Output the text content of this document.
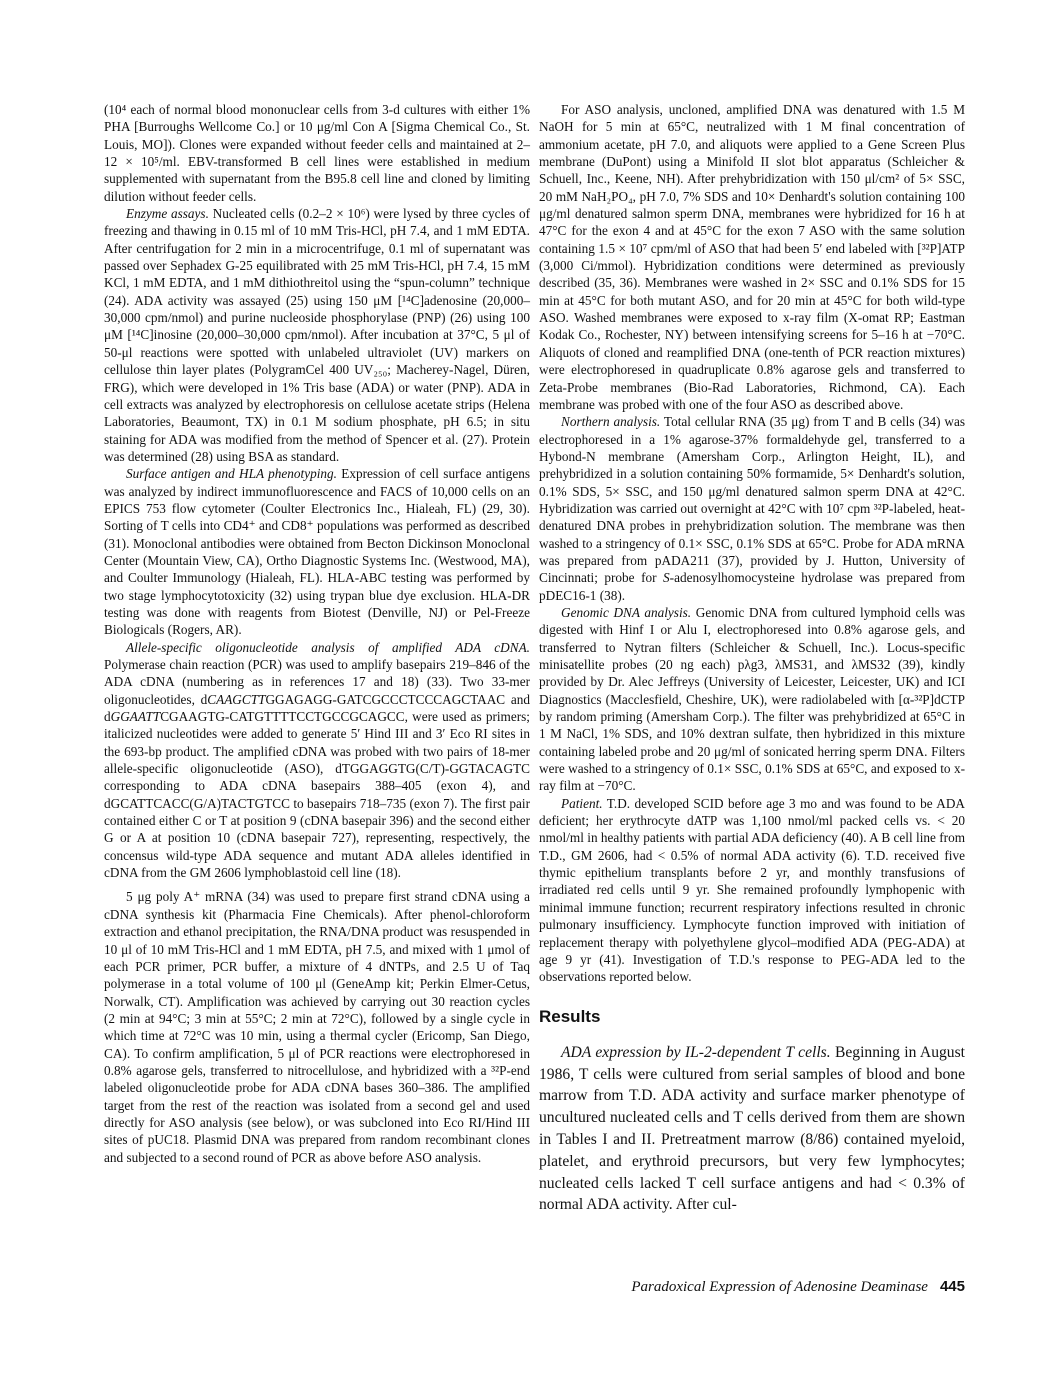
(10⁴ each of normal blood mononuclear cells from 3-d cultures with either 1% PHA [Burroughs Wellcome Co.] or 10 μg/ml Con A [Sigma Chemical Co., St. Louis, MO]). Clones were expanded without feeder cells and maintained at 2–12 × 10⁵/ml. EBV-transformed B cell lines were established in medium supplemented with supernatant from the B95.8 cell line and cloned by limiting dilution without feeder cells.

Enzyme assays. Nucleated cells (0.2–2 × 10⁶) were lysed by three cycles of freezing and thawing in 0.15 ml of 10 mM Tris-HCl, pH 7.4, and 1 mM EDTA. After centrifugation for 2 min in a microcentrifuge, 0.1 ml of supernatant was passed over Sephadex G-25 equilibrated with 25 mM Tris-HCl, pH 7.4, 15 mM KCl, 1 mM EDTA, and 1 mM dithiothreitol using the “spun-column” technique (24). ADA activity was assayed (25) using 150 μM [¹⁴C]adenosine (20,000–30,000 cpm/nmol) and purine nucleoside phosphorylase (PNP) (26) using 100 μM [¹⁴C]inosine (20,000–30,000 cpm/nmol). After incubation at 37°C, 5 μl of 50-μl reactions were spotted with unlabeled ultraviolet (UV) markers on cellulose thin layer plates (PolygramCel 400 UV₂₅₀; Macherey-Nagel, Düren, FRG), which were developed in 1% Tris base (ADA) or water (PNP). ADA in cell extracts was analyzed by electrophoresis on cellulose acetate strips (Helena Laboratories, Beaumont, TX) in 0.1 M sodium phosphate, pH 6.5; in situ staining for ADA was modified from the method of Spencer et al. (27). Protein was determined (28) using BSA as standard.

Surface antigen and HLA phenotyping. Expression of cell surface antigens was analyzed by indirect immunofluorescence and FACS of 10,000 cells on an EPICS 753 flow cytometer (Coulter Electronics Inc., Hialeah, FL) (29, 30). Sorting of T cells into CD4⁺ and CD8⁺ populations was performed as described (31). Monoclonal antibodies were obtained from Becton Dickinson Monoclonal Center (Mountain View, CA), Ortho Diagnostic Systems Inc. (Westwood, MA), and Coulter Immunology (Hialeah, FL). HLA-ABC testing was performed by two stage lymphocytotoxicity (32) using trypan blue dye exclusion. HLA-DR testing was done with reagents from Biotest (Denville, NJ) or Pel-Freeze Biologicals (Rogers, AR).

Allele-specific oligonucleotide analysis of amplified ADA cDNA. Polymerase chain reaction (PCR) was used to amplify basepairs 219–846 of the ADA cDNA (numbering as in references 17 and 18) (33). Two 33-mer oligonucleotides, dCAAGCTTGGAGAGG-GATCGCCCTCCCAGCTAAC and dGGAATTCGAAGTG-CATGTTTTCCTGCCGCAGCC, were used as primers; italicized nucleotides were added to generate 5′ Hind III and 3′ Eco RI sites in the 693-bp product. The amplified cDNA was probed with two pairs of 18-mer allele-specific oligonucleotide (ASO), dTGGAGGTG(C/T)-GGTACAGTC corresponding to ADA cDNA basepairs 388–405 (exon 4), and dGCATTCACC(G/A)TACTGTCC to basepairs 718–735 (exon 7). The first pair contained either C or T at position 9 (cDNA basepair 396) and the second either G or A at position 10 (cDNA basepair 727), representing, respectively, the concensus wild-type ADA sequence and mutant ADA alleles identified in cDNA from the GM 2606 lymphoblastoid cell line (18).

5 μg poly A⁺ mRNA (34) was used to prepare first strand cDNA using a cDNA synthesis kit (Pharmacia Fine Chemicals). After phenol-chloroform extraction and ethanol precipitation, the RNA/DNA product was resuspended in 10 μl of 10 mM Tris-HCl and 1 mM EDTA, pH 7.5, and mixed with 1 μmol of each PCR primer, PCR buffer, a mixture of 4 dNTPs, and 2.5 U of Taq polymerase in a total volume of 100 μl (GeneAmp kit; Perkin Elmer-Cetus, Norwalk, CT). Amplification was achieved by carrying out 30 reaction cycles (2 min at 94°C; 3 min at 55°C; 2 min at 72°C), followed by a single cycle in which time at 72°C was 10 min, using a thermal cycler (Ericomp, San Diego, CA). To confirm amplification, 5 μl of PCR reactions were electrophoresed in 0.8% agarose gels, transferred to nitrocellulose, and hybridized with a ³²P-end labeled oligonucleotide probe for ADA cDNA bases 360–386. The amplified target from the rest of the reaction was isolated from a second gel and used directly for ASO analysis (see below), or was subcloned into Eco RI/Hind III sites of pUC18. Plasmid DNA was prepared from random recombinant clones and subjected to a second round of PCR as above before ASO analysis.

For ASO analysis, uncloned, amplified DNA was denatured with 1.5 M NaOH for 5 min at 65°C, neutralized with 1 M final concentration of ammonium acetate, pH 7.0, and aliquots were applied to a Gene Screen Plus membrane (DuPont) using a Minifold II slot blot apparatus (Schleicher & Schuell, Inc., Keene, NH). After prehybridization with 150 μl/cm² of 5× SSC, 20 mM NaH₂PO₄, pH 7.0, 7% SDS and 10× Denhardt's solution containing 100 μg/ml denatured salmon sperm DNA, membranes were hybridized for 16 h at 47°C for the exon 4 and at 45°C for the exon 7 ASO with the same solution containing 1.5 × 10⁷ cpm/ml of ASO that had been 5′ end labeled with [³²P]ATP (3,000 Ci/mmol). Hybridization conditions were determined as previously described (35, 36). Membranes were washed in 2× SSC and 0.1% SDS for 15 min at 45°C for both mutant ASO, and for 20 min at 45°C for both wild-type ASO. Washed membranes were exposed to x-ray film (X-omat RP; Eastman Kodak Co., Rochester, NY) between intensifying screens for 5–16 h at −70°C. Aliquots of cloned and reamplified DNA (one-tenth of PCR reaction mixtures) were electrophoresed in quadruplicate 0.8% agarose gels and transferred to Zeta-Probe membranes (Bio-Rad Laboratories, Richmond, CA). Each membrane was probed with one of the four ASO as described above.

Northern analysis. Total cellular RNA (35 μg) from T and B cells (34) was electrophoresed in a 1% agarose-37% formaldehyde gel, transferred to a Hybond-N membrane (Amersham Corp., Arlington Height, IL), and prehybridized in a solution containing 50% formamide, 5× Denhardt's solution, 0.1% SDS, 5× SSC, and 150 μg/ml denatured salmon sperm DNA at 42°C. Hybridization was carried out overnight at 42°C with 10⁷ cpm ³²P-labeled, heat-denatured DNA probes in prehybridization solution. The membrane was then washed to a stringency of 0.1× SSC, 0.1% SDS at 65°C. Probe for ADA mRNA was prepared from pADA211 (37), provided by J. Hutton, University of Cincinnati; probe for S-adenosylhomocysteine hydrolase was prepared from pDEC16-1 (38).

Genomic DNA analysis. Genomic DNA from cultured lymphoid cells was digested with Hinf I or Alu I, electrophoresed into 0.8% agarose gels, and transferred to Nytran filters (Schleicher & Schuell, Inc.). Locus-specific minisatellite probes (20 ng each) pλg3, λMS31, and λMS32 (39), kindly provided by Dr. Alec Jeffreys (University of Leicester, Leicester, UK) and ICI Diagnostics (Macclesfield, Cheshire, UK), were radiolabeled with [α-³²P]dCTP by random priming (Amersham Corp.). The filter was prehybridized at 65°C in 1 M NaCl, 1% SDS, and 10% dextran sulfate, then hybridized in this mixture containing labeled probe and 20 μg/ml of sonicated herring sperm DNA. Filters were washed to a stringency of 0.1× SSC, 0.1% SDS at 65°C, and exposed to x-ray film at −70°C.

Patient. T.D. developed SCID before age 3 mo and was found to be ADA deficient; her erythrocyte dATP was 1,100 nmol/ml packed cells vs. < 20 nmol/ml in healthy patients with partial ADA deficiency (40). A B cell line from T.D., GM 2606, had < 0.5% of normal ADA activity (6). T.D. received five thymic epithelium transplants before 2 yr, and monthly transfusions of irradiated red cells until 9 yr. She remained profoundly lymphopenic with minimal immune function; recurrent respiratory infections resulted in chronic pulmonary insufficiency. Lymphocyte function improved with initiation of replacement therapy with polyethylene glycol–modified ADA (PEG-ADA) at age 9 yr (41). Investigation of T.D.'s response to PEG-ADA led to the observations reported below.

Results

ADA expression by IL-2-dependent T cells. Beginning in August 1986, T cells were cultured from serial samples of blood and bone marrow from T.D. ADA activity and surface marker phenotype of uncultured nucleated cells and T cells derived from them are shown in Tables I and II. Pretreatment marrow (8/86) contained myeloid, platelet, and erythroid precursors, but very few lymphocytes; nucleated cells lacked T cell surface antigens and had < 0.3% of normal ADA activity. After cul-

Paradoxical Expression of Adenosine Deaminase 445
